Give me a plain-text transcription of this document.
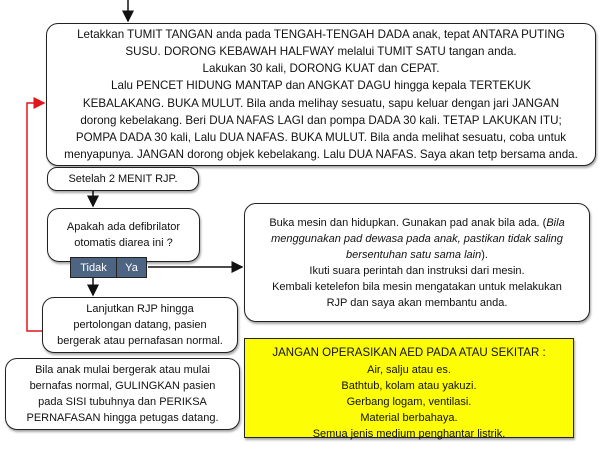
Letakkan TUMIT TANGAN anda pada TENGAH-TENGAH DADA anak, tepat ANTARA PUTING
SUSU. DORONG KEBAWAH HALFWAY melalui TUMIT SATU tangan anda.
Lakukan 30 kali, DORONG KUAT dan CEPAT.
Lalu PENCET HIDUNG MANTAP dan ANGKAT DAGU hingga kepala TERTEKUK
KEBALAKANG. BUKA MULUT. Bila anda melihay sesuatu, sapu keluar dengan jari JANGAN
dorong kebelakang. Beri DUA NAFAS LAGI dan pompa DADA 30 kali. TETAP LAKUKAN ITU;
POMPA DADA 30 kali, Lalu DUA NAFAS. BUKA MULUT. Bila anda melihat sesuatu, coba untuk
menyapunya. JANGAN dorong objek kebelakang. Lalu DUA NAFAS. Saya akan tetp bersama anda.
Setelah 2 MENIT RJP.
Apakah ada defibrilator
otomatis diarea ini ?
Tidak	Ya
Buka mesin dan hidupkan. Gunakan pad anak bila ada. (Bila
menggunakan pad dewasa pada anak, pastikan tidak saling
bersentuhan satu sama lain).
Ikuti suara perintah dan instruksi dari mesin.
Kembali ketelefon bila mesin mengatakan untuk melakukan
RJP dan saya akan membantu anda.
Lanjutkan RJP hingga
pertolongan datang, pasien
bergerak atau pernafasan normal.
Bila anak mulai bergerak atau mulai
bernafas normal, GULINGKAN pasien
pada SISI tubuhnya dan PERIKSA
PERNAFASAN hingga petugas datang.
JANGAN OPERASIKAN AED PADA ATAU SEKITAR :
Air, salju atau es.
Bathtub, kolam atau yakuzi.
Gerbang logam, ventilasi.
Material berbahaya.
Semua jenis medium penghantar listrik.
